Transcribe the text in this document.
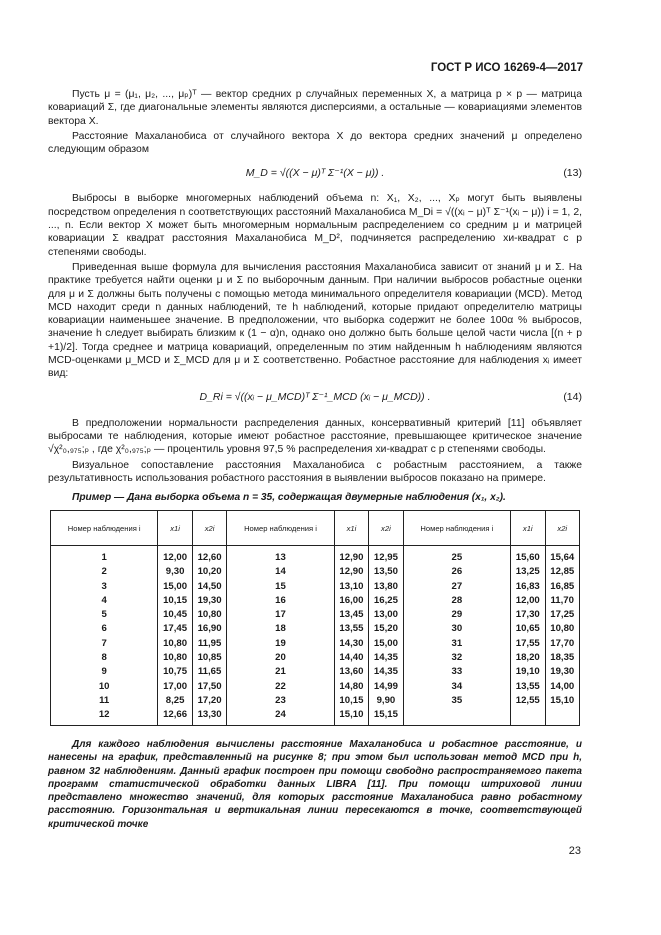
ГОСТ Р ИСО 16269-4—2017

Пусть μ = (μ₁, μ₂, ..., μₚ)ᵀ — вектор средних p случайных переменных X, а матрица p × p — матрица ковариаций Σ, где диагональные элементы являются дисперсиями, а остальные — ковариациями элементов вектора X.

Расстояние Махаланобиса от случайного вектора X до вектора средних значений μ определено следующим образом

M_D = √((X − μ)ᵀ Σ⁻¹(X − μ)) .	(13)

Выбросы в выборке многомерных наблюдений объема n: X₁, X₂, ..., Xₚ могут быть выявлены посредством определения n соответствующих расстояний Махаланобиса M_Di = √((xᵢ − μ)ᵀ Σ⁻¹(xᵢ − μ)) i = 1, 2, ..., n. Если вектор X может быть многомерным нормальным распределением со средним μ и матрицей ковариации Σ квадрат расстояния Махаланобиса M_D², подчиняется распределению хи-квадрат с p степенями свободы.

Приведенная выше формула для вычисления расстояния Махаланобиса зависит от знаний μ и Σ. На практике требуется найти оценки μ и Σ по выборочным данным. При наличии выбросов робастные оценки для μ и Σ должны быть получены с помощью метода минимального определителя ковариации (MCD). Метод MCD находит среди n данных наблюдений, те h наблюдений, которые придают определителю матрицы ковариации наименьшее значение. В предположении, что выборка содержит не более 100α % выбросов, значение h следует выбирать близким к (1 − α)n, однако оно должно быть больше целой части числа [(n + p +1)/2]. Тогда среднее и матрица ковариаций, определенным по этим найденным h наблюдениям являются MCD-оценками μ_MCD и Σ_MCD для μ и Σ соответственно. Робастное расстояние для наблюдения xᵢ имеет вид:

D_Ri = √((xᵢ − μ_MCD)ᵀ Σ⁻¹_MCD (xᵢ − μ_MCD)) .	(14)

В предположении нормальности распределения данных, консервативный критерий [11] объявляет выбросами те наблюдения, которые имеют робастное расстояние, превышающее критическое значение √χ²₀,₉₇₅;ₚ , где χ²₀,₉₇₅;ₚ — процентиль уровня 97,5 % распределения хи-квадрат с p степенями свободы.

Визуальное сопоставление расстояния Махаланобиса с робастным расстоянием, а также результативность использования робастного расстояния в выявлении выбросов показано на примере.

Пример — Дана выборка объема n = 35, содержащая двумерные наблюдения (x₁, x₂).
Номер наблюдения i	x1i	x2i	Номер наблюдения i	x1i	x2i	Номер наблюдения i	x1i	x2i
1	12,00	12,60	13	12,90	12,95	25	15,60	15,64
2	9,30	10,20	14	12,90	13,50	26	13,25	12,85
3	15,00	14,50	15	13,10	13,80	27	16,83	16,85
4	10,15	19,30	16	16,00	16,25	28	12,00	11,70
5	10,45	10,80	17	13,45	13,00	29	17,30	17,25
6	17,45	16,90	18	13,55	15,20	30	10,65	10,80
7	10,80	11,95	19	14,30	15,00	31	17,55	17,70
8	10,80	10,85	20	14,40	14,35	32	18,20	18,35
9	10,75	11,65	21	13,60	14,35	33	19,10	19,30
10	17,00	17,50	22	14,80	14,99	34	13,55	14,00
11	8,25	17,20	23	10,15	9,90	35	12,55	15,10
12	12,66	13,30	24	15,10	15,15			
Для каждого наблюдения вычислены расстояние Махаланобиса и робастное расстояние, и нанесены на график, представленный на рисунке 8; при этом был использован метод MCD при h, равном 32 наблюдениям. Данный график построен при помощи свободно распространяемого пакета программ статистической обработки данных LIBRA [11]. При помощи штриховой линии представлено множество значений, для которых расстояние Махаланобиса равно робастному расстоянию. Горизонтальная и вертикальная линии пересекаются в точке, соответствующей критической точке
23
